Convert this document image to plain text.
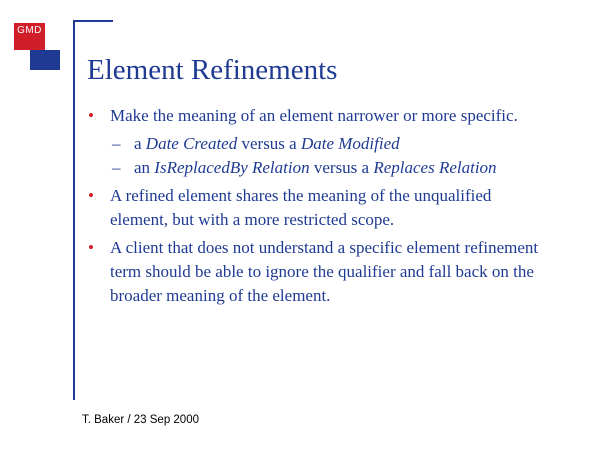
GMD
Element Refinements
• Make the meaning of an element narrower or more specific.
– a Date Created versus a Date Modified
– an IsReplacedBy Relation versus a Replaces Relation
• A refined element shares the meaning of the unqualified element, but with a more restricted scope.
• A client that does not understand a specific element refinement term should be able to ignore the qualifier and fall back on the broader meaning of the element.
T. Baker / 23 Sep 2000
